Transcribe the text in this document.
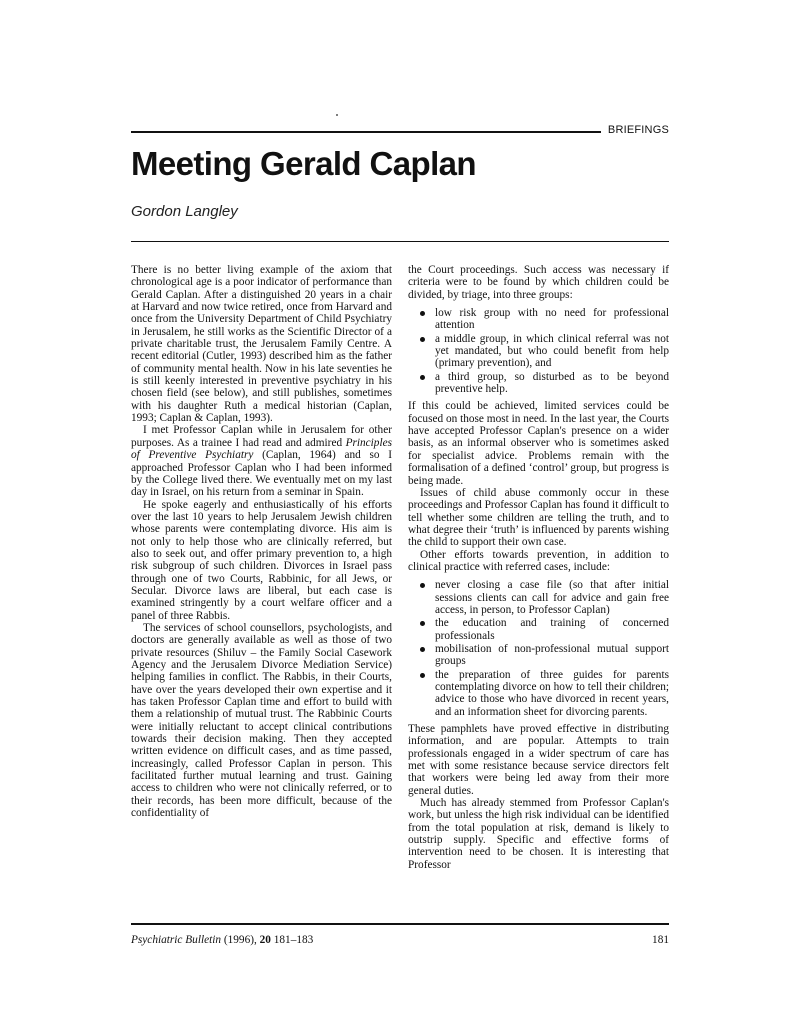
BRIEFINGS
Meeting Gerald Caplan
Gordon Langley

There is no better living example of the axiom that chronological age is a poor indicator of performance than Gerald Caplan. After a distinguished 20 years in a chair at Harvard and now twice retired, once from Harvard and once from the University Department of Child Psychiatry in Jerusalem, he still works as the Scientific Director of a private charitable trust, the Jerusalem Family Centre. A recent editorial (Cutler, 1993) described him as the father of community mental health. Now in his late seventies he is still keenly interested in preventive psychiatry in his chosen field (see below), and still publishes, sometimes with his daughter Ruth a medical historian (Caplan, 1993; Caplan & Caplan, 1993).

I met Professor Caplan while in Jerusalem for other purposes. As a trainee I had read and admired Principles of Preventive Psychiatry (Caplan, 1964) and so I approached Professor Caplan who I had been informed by the College lived there. We eventually met on my last day in Israel, on his return from a seminar in Spain.

He spoke eagerly and enthusiastically of his efforts over the last 10 years to help Jerusalem Jewish children whose parents were contemplating divorce. His aim is not only to help those who are clinically referred, but also to seek out, and offer primary prevention to, a high risk subgroup of such children. Divorces in Israel pass through one of two Courts, Rabbinic, for all Jews, or Secular. Divorce laws are liberal, but each case is examined stringently by a court welfare officer and a panel of three Rabbis.

The services of school counsellors, psychologists, and doctors are generally available as well as those of two private resources (Shiluv – the Family Social Casework Agency and the Jerusalem Divorce Mediation Service) helping families in conflict. The Rabbis, in their Courts, have over the years developed their own expertise and it has taken Professor Caplan time and effort to build with them a relationship of mutual trust. The Rabbinic Courts were initially reluctant to accept clinical contributions towards their decision making. Then they accepted written evidence on difficult cases, and as time passed, increasingly, called Professor Caplan in person. This facilitated further mutual learning and trust. Gaining access to children who were not clinically referred, or to their records, has been more difficult, because of the confidentiality of

the Court proceedings. Such access was necessary if criteria were to be found by which children could be divided, by triage, into three groups:

low risk group with no need for professional attention
a middle group, in which clinical referral was not yet mandated, but who could benefit from help (primary prevention), and
a third group, so disturbed as to be beyond preventive help.

If this could be achieved, limited services could be focused on those most in need. In the last year, the Courts have accepted Professor Caplan's presence on a wider basis, as an informal observer who is sometimes asked for specialist advice. Problems remain with the formalisation of a defined ‘control’ group, but progress is being made.

Issues of child abuse commonly occur in these proceedings and Professor Caplan has found it difficult to tell whether some children are telling the truth, and to what degree their ‘truth’ is influenced by parents wishing the child to support their own case.

Other efforts towards prevention, in addition to clinical practice with referred cases, include:

never closing a case file (so that after initial sessions clients can call for advice and gain free access, in person, to Professor Caplan)
the education and training of concerned professionals
mobilisation of non-professional mutual support groups
the preparation of three guides for parents contemplating divorce on how to tell their children; advice to those who have divorced in recent years, and an information sheet for divorcing parents.

These pamphlets have proved effective in distributing information, and are popular. Attempts to train professionals engaged in a wider spectrum of care has met with some resistance because service directors felt that workers were being led away from their more general duties.

Much has already stemmed from Professor Caplan's work, but unless the high risk individual can be identified from the total population at risk, demand is likely to outstrip supply. Specific and effective forms of intervention need to be chosen. It is interesting that Professor

Psychiatric Bulletin (1996), 20 181–183	181
